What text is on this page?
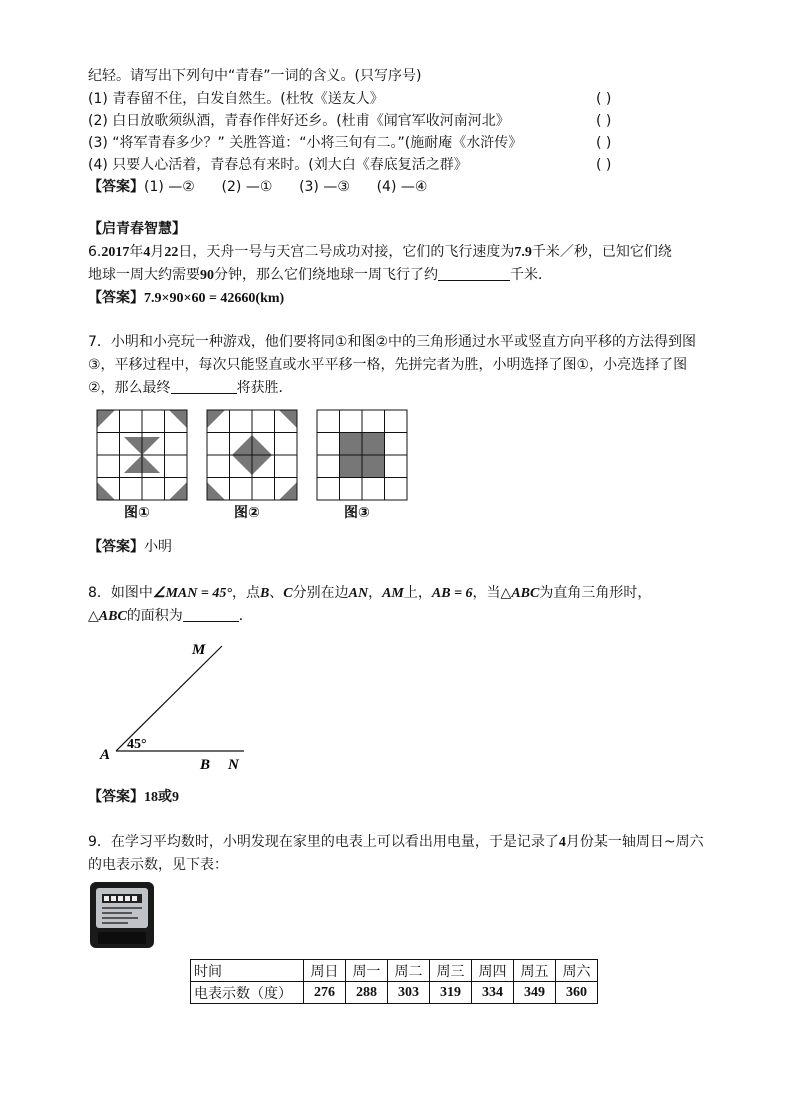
纪轻。请写出下列句中“青春”一词的含义。(只写序号)
(1) 青春留不住，白发自然生。(杜牧《送友人》	( )
(2) 白日放歌须纵酒，青春作伴好还乡。(杜甫《闻官军收河南河北》	( )
(3) “将军青春多少？” 关胜答道：“小将三旬有二。”(施耐庵《水浒传》	( )
(4) 只要人心活着，青春总有来时。(刘大白《春底复活之群》	( )
【答案】(1) —②      (2) —①      (3) —③      (4) —④
【启青春智慧】
6.2017年4月22日，天舟一号与天宫二号成功对接，它们的飞行速度为7.9千米／秒，已知它们绕
地球一周大约需要90分钟，那么它们绕地球一周飞行了约	千米．
【答案】7.9×90×60 = 42660(km)
7．小明和小亮玩一种游戏，他们要将同①和图②中的三角形通过水平或竖直方向平移的方法得到图
③，平移过程中，每次只能竖直或水平平移一格，先拼完者为胜，小明选择了图①，小亮选择了图
②，那么最终	将获胜．
图①	图②	图③
【答案】小明
8．如图中∠MAN = 45°，点B、C分别在边AN，AM上，AB = 6，当△ABC为直角三角形时，
△ABC的面积为	．
M
A
45°
B N
【答案】18或9
9．在学习平均数时，小明发现在家里的电表上可以看出用电量，于是记录了4月份某一轴周日~周六
的电表示数，见下表：
时间	周日	周一	周二	周三	周四	周五	周六
电表示数（度）	276	288	303	319	334	349	360
